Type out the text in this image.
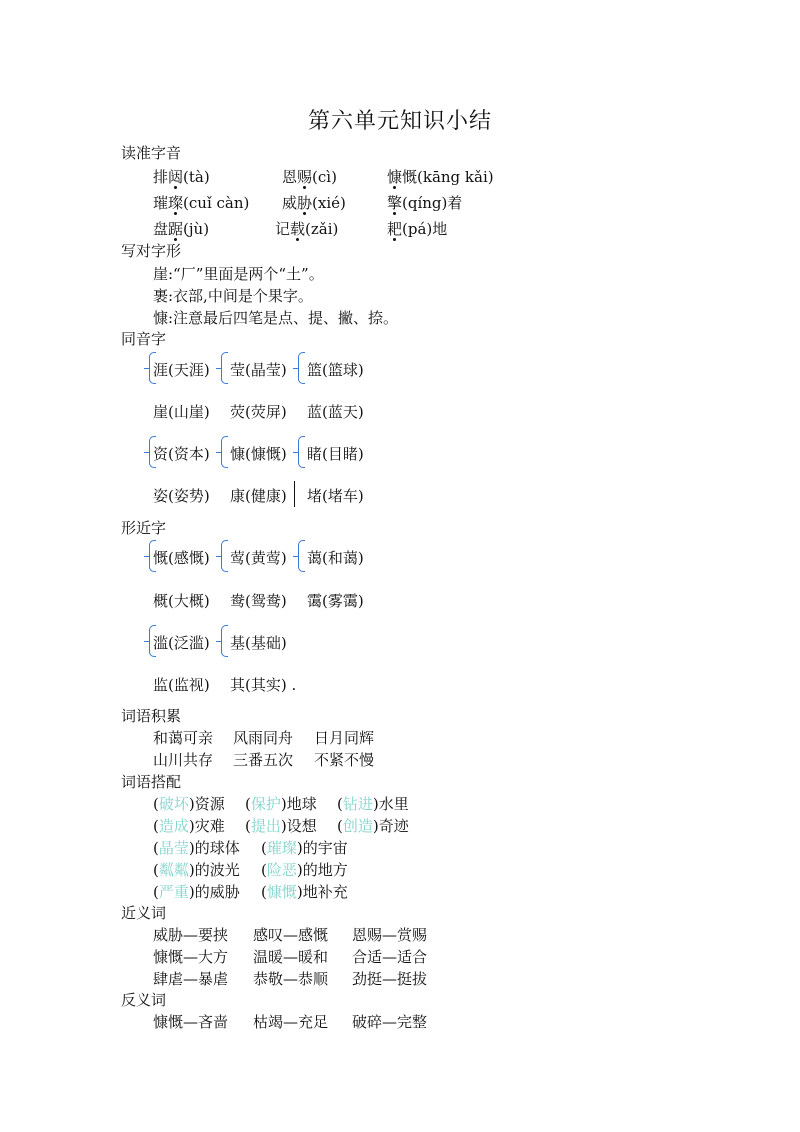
第六单元知识小结
读准字音
排闼(tà)	恩赐(cì)	慷慨(kāng kǎi)
璀璨(cuǐ càn) 威胁(xié)	擎(qíng)着
盘踞(jù)	记载(zǎi)	耙(pá)地
写对字形
崖:“厂”里面是两个“土”。
裹:衣部,中间是个果字。
慷:注意最后四笔是点、提、撇、捺。
同音字
涯(天涯) 莹(晶莹) 篮(篮球)
崖(山崖) 荧(荧屏) 蓝(蓝天)
资(资本) 慷(慷慨) 睹(目睹)
姿(姿势) 康(健康) 堵(堵车)
形近字
慨(感慨) 莺(黄莺) 蔼(和蔼)
概(大概) 鸯(鸳鸯) 霭(雾霭)
滥(泛滥) 基(基础)
监(监视) 其(其实) .
词语积累
和蔼可亲 风雨同舟 日月同辉
山川共存 三番五次 不紧不慢
词语搭配
(破坏)资源 (保护)地球 (钻进)水里
(造成)灾难 (提出)设想 (创造)奇迹
(晶莹)的球体 (璀璨)的宇宙
(粼粼)的波光 (险恶)的地方
(严重)的威胁 (慷慨)地补充
近义词
威胁—要挟 感叹—感慨 恩赐—赏赐
慷慨—大方 温暖—暖和 合适—适合
肆虐—暴虐 恭敬—恭顺 劲挺—挺拔
反义词
慷慨—吝啬 枯竭—充足 破碎—完整
